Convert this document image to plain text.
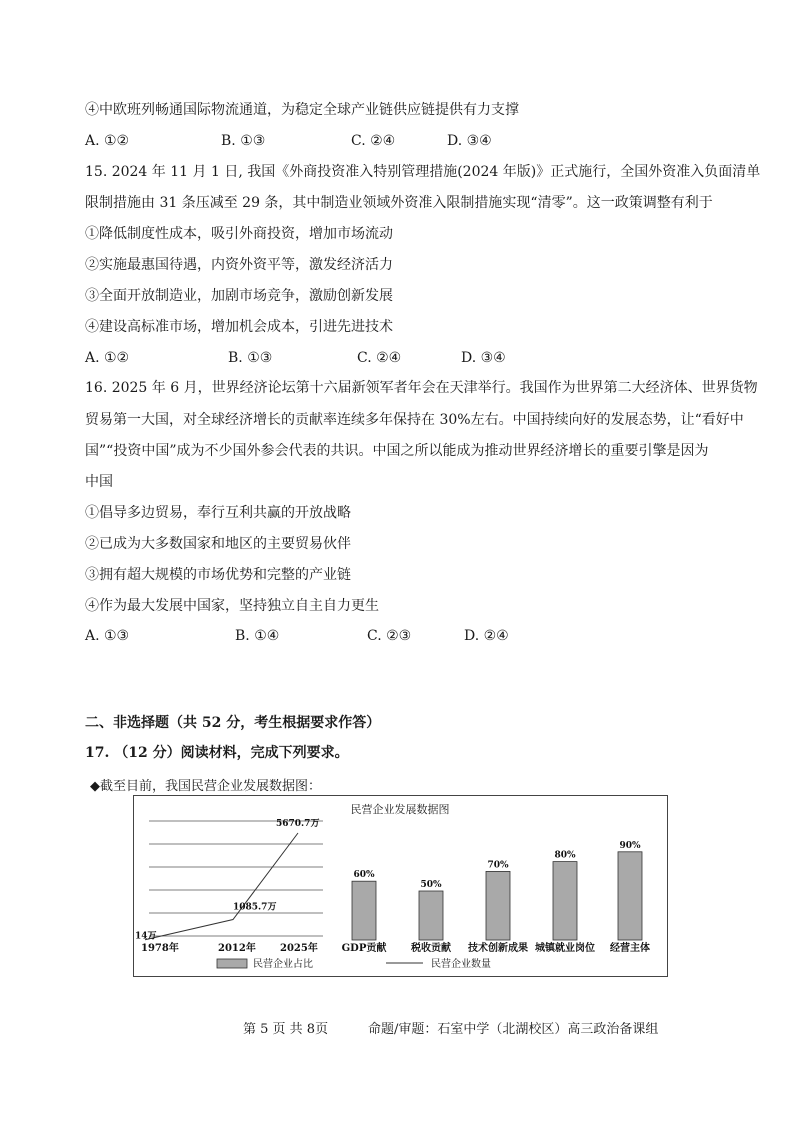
④中欧班列畅通国际物流通道，为稳定全球产业链供应链提供有力支撑
A. ①②	B. ①③	C. ②④	D. ③④
15. 2024 年 11 月 1 日, 我国《外商投资准入特别管理措施(2024 年版)》正式施行，全国外资准入负面清单
限制措施由 31 条压减至 29 条，其中制造业领域外资准入限制措施实现“清零”。这一政策调整有利于
①降低制度性成本，吸引外商投资，增加市场流动
②实施最惠国待遇，内资外资平等，激发经济活力
③全面开放制造业，加剧市场竞争，激励创新发展
④建设高标准市场，增加机会成本，引进先进技术
A. ①②	B. ①③	C. ②④	D. ③④
16. 2025 年 6 月，世界经济论坛第十六届新领军者年会在天津举行。我国作为世界第二大经济体、世界货物
贸易第一大国，对全球经济增长的贡献率连续多年保持在 30%左右。中国持续向好的发展态势，让“看好中
国”“投资中国”成为不少国外参会代表的共识。中国之所以能成为推动世界经济增长的重要引擎是因为
中国
①倡导多边贸易，奉行互利共赢的开放战略
②已成为大多数国家和地区的主要贸易伙伴
③拥有超大规模的市场优势和完整的产业链
④作为最大发展中国家，坚持独立自主自力更生
A. ①③	B. ①④	C. ②③	D. ②④
二、非选择题（共 52 分，考生根据要求作答）
17. （12 分）阅读材料，完成下列要求。
◆截至目前，我国民营企业发展数据图：
民营企业发展数据图
14万
1085.7万
5670.7万
1978年	2012年 2025年
60%
GDP贡献
50%
税收贡献
70%
技术创新成果
80%
城镇就业岗位
90%
经营主体
民营企业占比	民营企业数量
第 5 页 共 8页	命题/审题：石室中学（北湖校区）高三政治备课组
